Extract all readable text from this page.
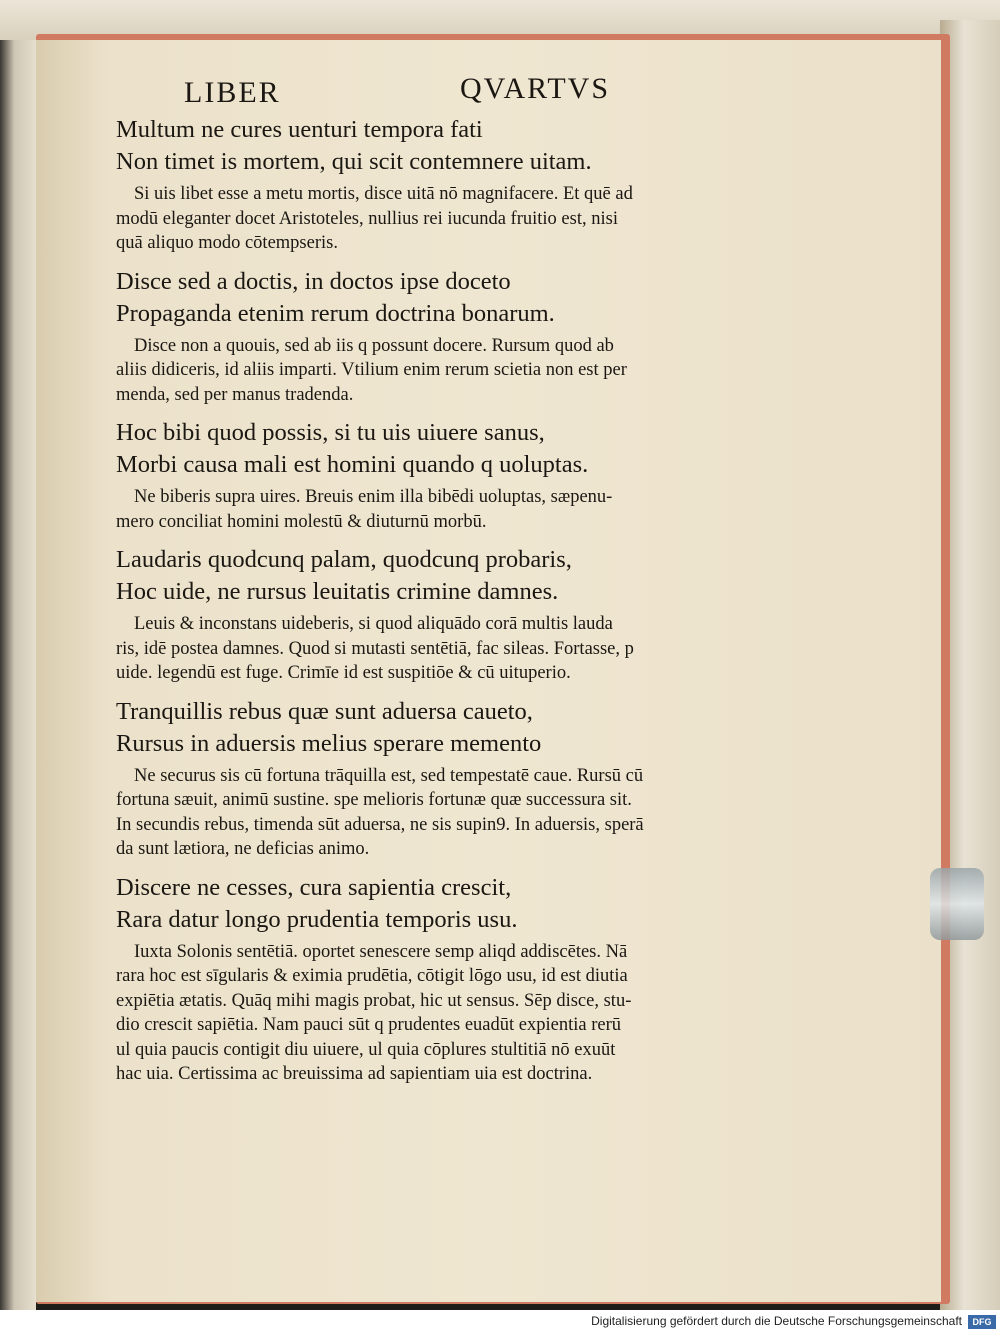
LIBER	QVARTVS
Multum ne cures uenturi tempora fati
Non timet is mortem, qui scit contemnere uitam.
Si uis libet esse a metu mortis, disce uitā nō magnifacere. Et quē ad
modū eleganter docet Aristoteles, nullius rei iucunda fruitio est, nisi
quā aliquo modo cōtempseris.
Disce sed a doctis, in doctos ipse doceto
Propaganda etenim rerum doctrina bonarum.
Disce non a quouis, sed ab iis q possunt docere. Rursum quod ab
aliis didiceris, id aliis imparti. Vtilium enim rerum scietia non est per
menda, sed per manus tradenda.
Hoc bibi quod possis, si tu uis uiuere sanus,
Morbi causa mali est homini quando q uoluptas.
Ne biberis supra uires. Breuis enim illa bibēdi uoluptas, sæpenu-
mero conciliat homini molestū & diuturnū morbū.
Laudaris quodcunq palam, quodcunq probaris,
Hoc uide, ne rursus leuitatis crimine damnes.
Leuis & inconstans uideberis, si quod aliquādo corā multis lauda
ris, idē postea damnes. Quod si mutasti sentētiā, fac sileas. Fortasse, p
uide. legendū est fuge. Crimīe id est suspitiōe & cū uituperio.
Tranquillis rebus quæ sunt aduersa caueto,
Rursus in aduersis melius sperare memento
Ne securus sis cū fortuna trāquilla est, sed tempestatē caue. Rursū cū
fortuna sæuit, animū sustine. spe melioris fortunæ quæ successura sit.
In secundis rebus, timenda sūt aduersa, ne sis supin9. In aduersis, sperā
da sunt lætiora, ne deficias animo.
Discere ne cesses, cura sapientia crescit,
Rara datur longo prudentia temporis usu.
Iuxta Solonis sentētiā. oportet senescere semp aliqd addiscētes. Nā
rara hoc est sīgularis & eximia prudētia, cōtigit lōgo usu, id est diutia
expiētia ætatis. Quāq mihi magis probat, hic ut sensus. Sēp disce, stu-
dio crescit sapiētia. Nam pauci sūt q prudentes euadūt expientia rerū
ul quia paucis contigit diu uiuere, ul quia cōplures stultitiā nō exuūt
hac uia. Certissima ac breuissima ad sapientiam uia est doctrina.
Digitalisierung gefördert durch die Deutsche Forschungsgemeinschaft	DFG
